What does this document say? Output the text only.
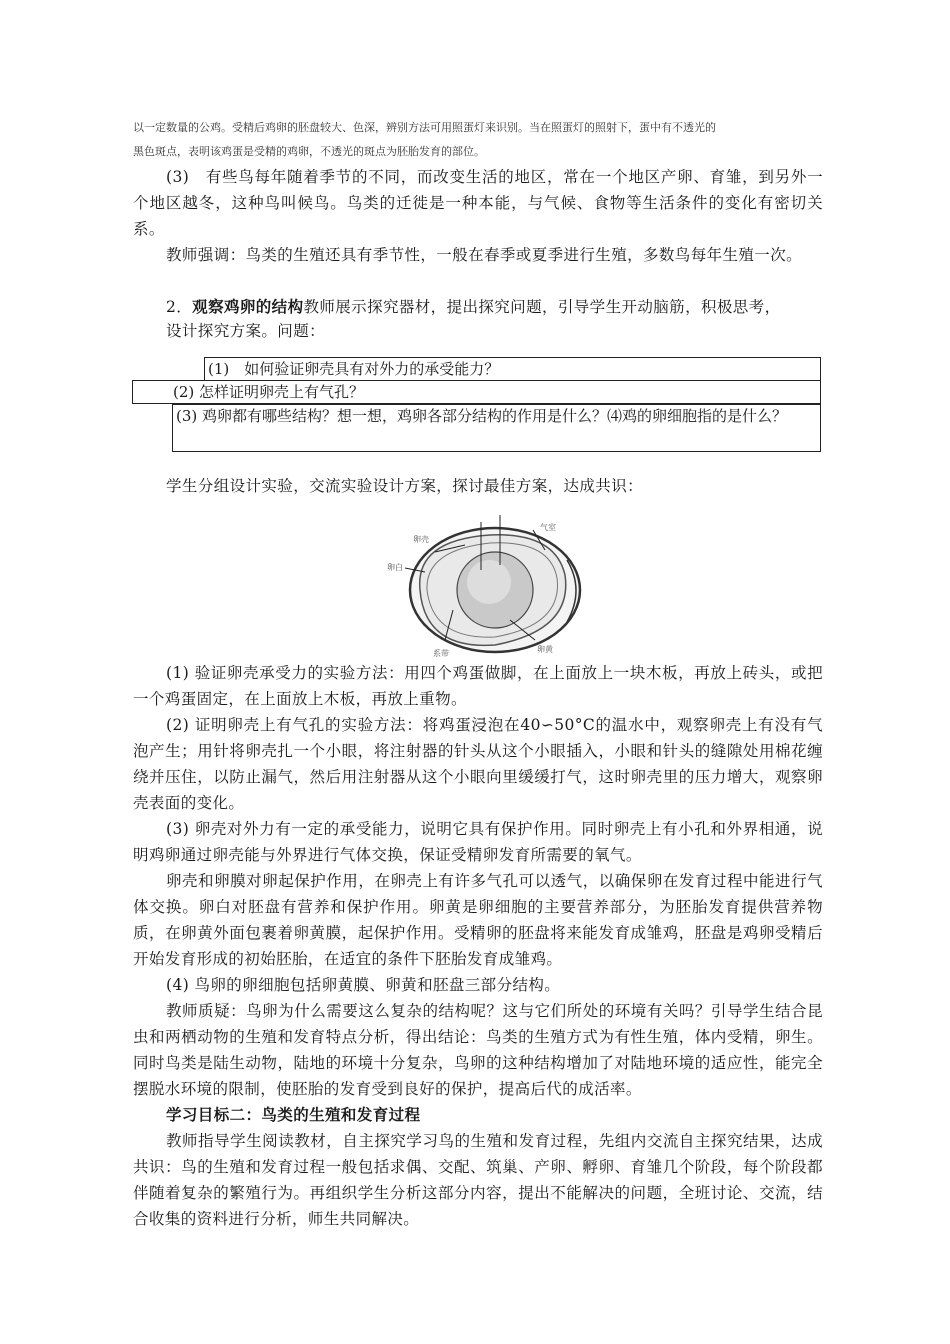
以一定数量的公鸡。受精后鸡卵的胚盘较大、色深，辨别方法可用照蛋灯来识别。当在照蛋灯的照射下，蛋中有不透光的
黑色斑点，表明该鸡蛋是受精的鸡卵，不透光的斑点为胚胎发育的部位。
(3)　有些鸟每年随着季节的不同，而改变生活的地区，常在一个地区产卵、育雏，到另外一个地区越冬，这种鸟叫候鸟。鸟类的迁徙是一种本能，与气候、食物等生活条件的变化有密切关系。
教师强调：鸟类的生殖还具有季节性，一般在春季或夏季进行生殖，多数鸟每年生殖一次。
2．观察鸡卵的结构教师展示探究器材，提出探究问题，引导学生开动脑筋，积极思考，
设计探究方案。问题：
(1)　如何验证卵壳具有对外力的承受能力？
(2) 怎样证明卵壳上有气孔？
(3) 鸡卵都有哪些结构？想一想，鸡卵各部分结构的作用是什么？⑷鸡的卵细胞指的是什么？
学生分组设计实验，交流实验设计方案，探讨最佳方案，达成共识：
卵壳
卵白
气室
系带	卵黄
(1) 验证卵壳承受力的实验方法：用四个鸡蛋做脚，在上面放上一块木板，再放上砖头，或把一个鸡蛋固定，在上面放上木板，再放上重物。
(2) 证明卵壳上有气孔的实验方法：将鸡蛋浸泡在40∽50°C的温水中，观察卵壳上有没有气泡产生；用针将卵壳扎一个小眼，将注射器的针头从这个小眼插入，小眼和针头的缝隙处用棉花缠绕并压住，以防止漏气，然后用注射器从这个小眼向里缓缓打气，这时卵壳里的压力增大，观察卵壳表面的变化。
(3) 卵壳对外力有一定的承受能力，说明它具有保护作用。同时卵壳上有小孔和外界相通，说明鸡卵通过卵壳能与外界进行气体交换，保证受精卵发育所需要的氧气。
卵壳和卵膜对卵起保护作用，在卵壳上有许多气孔可以透气，以确保卵在发育过程中能进行气体交换。卵白对胚盘有营养和保护作用。卵黄是卵细胞的主要营养部分，为胚胎发育提供营养物质，在卵黄外面包裹着卵黄膜，起保护作用。受精卵的胚盘将来能发育成雏鸡，胚盘是鸡卵受精后开始发育形成的初始胚胎，在适宜的条件下胚胎发育成雏鸡。
(4) 鸟卵的卵细胞包括卵黄膜、卵黄和胚盘三部分结构。
教师质疑：鸟卵为什么需要这么复杂的结构呢？这与它们所处的环境有关吗？引导学生结合昆虫和两栖动物的生殖和发育特点分析，得出结论：鸟类的生殖方式为有性生殖，体内受精，卵生。同时鸟类是陆生动物，陆地的环境十分复杂，鸟卵的这种结构增加了对陆地环境的适应性，能完全摆脱水环境的限制，使胚胎的发育受到良好的保护，提高后代的成活率。
学习目标二：鸟类的生殖和发育过程
教师指导学生阅读教材，自主探究学习鸟的生殖和发育过程，先组内交流自主探究结果，达成共识：鸟的生殖和发育过程一般包括求偶、交配、筑巢、产卵、孵卵、育雏几个阶段，每个阶段都伴随着复杂的繁殖行为。再组织学生分析这部分内容，提出不能解决的问题，全班讨论、交流，结合收集的资料进行分析，师生共同解决。
